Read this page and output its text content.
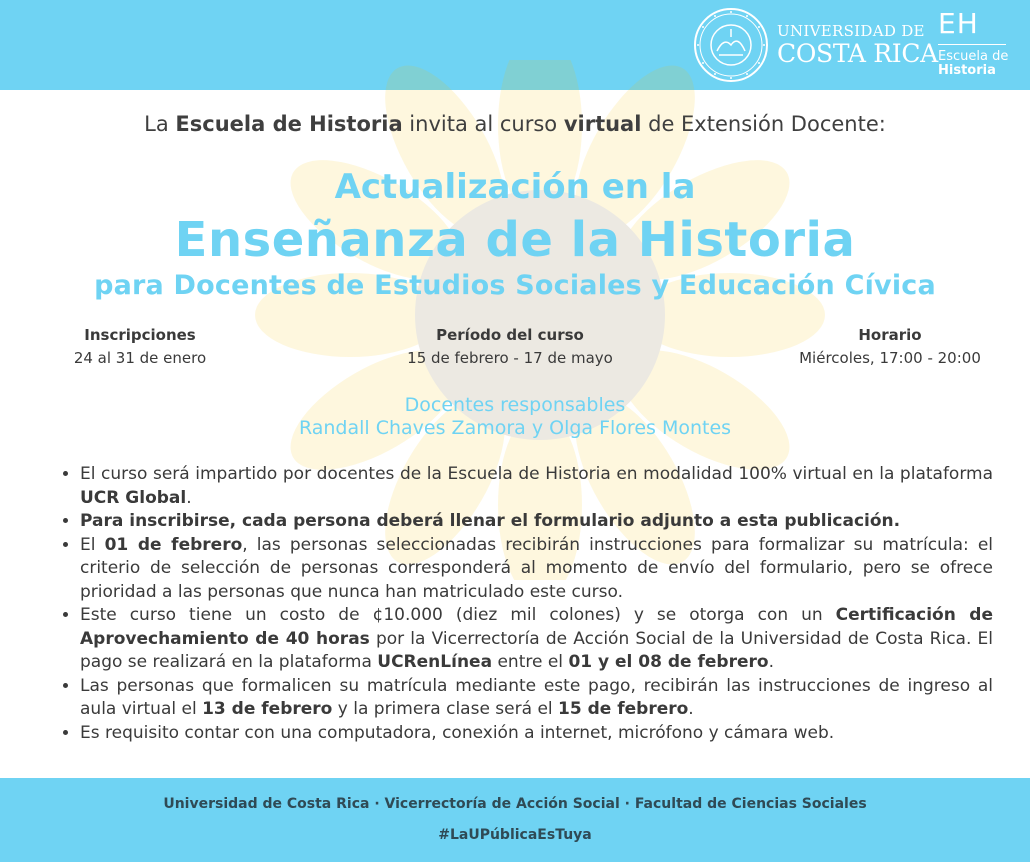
UNIVERSIDAD DE
COSTA RICA
EH
Escuela de
Historia
La Escuela de Historia invita al curso virtual de Extensión Docente:
Actualización en la
Enseñanza de la Historia
para Docentes de Estudios Sociales y Educación Cívica
Inscripciones
24 al 31 de enero
Período del curso
15 de febrero - 17 de mayo
Horario
Miércoles, 17:00 - 20:00
Docentes responsables
Randall Chaves Zamora y Olga Flores Montes
• El curso será impartido por docentes de la Escuela de Historia en modalidad 100% virtual en la plataforma UCR Global.
• Para inscribirse, cada persona deberá llenar el formulario adjunto a esta publicación.
• El 01 de febrero, las personas seleccionadas recibirán instrucciones para formalizar su matrícula: el criterio de selección de personas corresponderá al momento de envío del formulario, pero se ofrece prioridad a las personas que nunca han matriculado este curso.
• Este curso tiene un costo de ¢10.000 (diez mil colones) y se otorga con un Certificación de Aprovechamiento de 40 horas por la Vicerrectoría de Acción Social de la Universidad de Costa Rica. El pago se realizará en la plataforma UCRenLínea entre el 01 y el 08 de febrero.
• Las personas que formalicen su matrícula mediante este pago, recibirán las instrucciones de ingreso al aula virtual el 13 de febrero y la primera clase será el 15 de febrero.
• Es requisito contar con una computadora, conexión a internet, micrófono y cámara web.
Universidad de Costa Rica · Vicerrectoría de Acción Social · Facultad de Ciencias Sociales
#LaUPúblicaEsTuya
